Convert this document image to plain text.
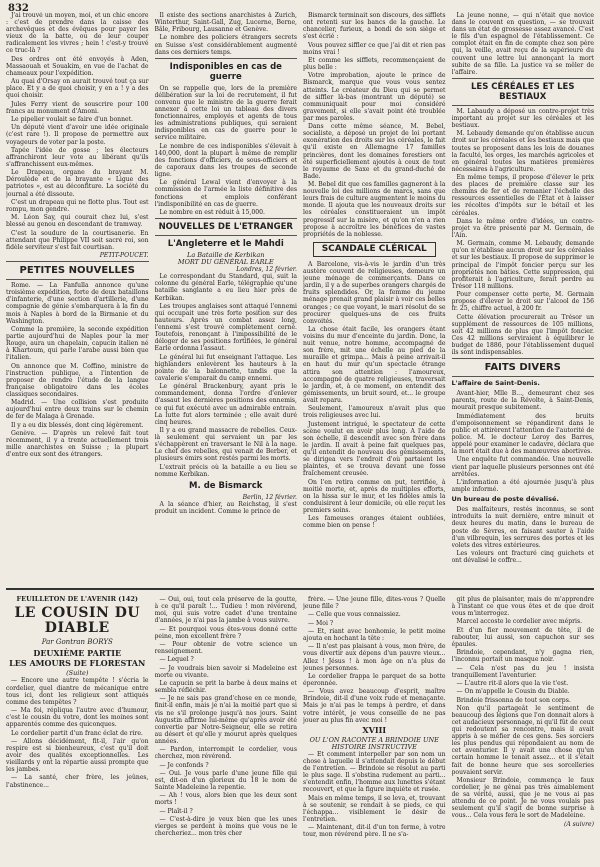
832

J'ai trouvé un moyen, moi, et un chic encore : c'est de prendre dans la caisse des archevêques et des évêques pour payer les vieux de la batte, ou de leur couper radicalement les vivres ; hein ! c'est-y trouvé ce truc-là ?

Des ordres ont été envoyés à Aden, Massaouah et Souakim, en vue de l'achat de chameaux pour l'expédition.

Au quai d'Orsay on aurait trouvé tout ça sur place. Et y a de quoi choisir, y en a ! y a des quoi choisir.

Jules Ferry vient de souscrire pour 100 francs au monument d'Amoni.

Le pipelier voulait se faire d'un bonnet.

Un député vient d'avoir une idée originale (c'est rare !). Il propose de permettre aux voyageurs de voter par la poste.

Tapée l'idée de gosse ; les électeurs affranchiront leur vote au libérant qu'ils s'affranchissent eux-mêmes.

Le Drapeau, organe du brayant M. Déroulède et de la brayante « Ligue des patriotes », est au déconfiture. La société du journal a été dissoute.

C'est un drapeau qui ne flotte plus. Tout est rompu, mon gendre.

M. Léon Say, qui courait chez lui, s'est blessé au genou en descendant de tramway.

C'est la soudure de la courtisanerie. En attendant que Philippe VII soit sacré roi, son fidèle serviteur s'est fait courtisan.

PETIT-POUCET.
PETITES NOUVELLES

Rome. — La Fanfulla annonce qu'une troisième expédition, forte de deux bataillons d'infanterie, d'une section d'artillerie, d'une compagnie de génie s'embarquera à la fin du mois à Naples à bord de la Birmanie et du Washington.

Comme la première, la seconde expédition partie aujourd'hui de Naples pour la mer Rouge, aura un chapelain, capucin italien né à Khartoum, qui parle l'arabe aussi bien que l'italien.

On annonce que M. Coffino, ministre de l'instruction publique, a l'intention de proposer de rendre l'étude de la langue française obligatoire dans les écoles classiques secondaires.

Madrid. — Une collision s'est produite aujourd'hui entre deux trains sur le chemin de fer de Malaga à Grenade.

Il y a eu dix blessés, dont cinq légèrement.

Genève. — D'après un relevé fait tout récemment, il y a trente actuellement trois mille anarchistes en Suisse ; la plupart d'entre eux sont des étrangers.

Il existe des sections anarchistes à Zurich, Winterthur, Saint-Gall, Zug, Lucerne, Berne, Bâle, Fribourg, Lausanne et Genève.

Le nombre des policiers étrangers secrets en Suisse s'est considérablement augmenté dans ces derniers temps.

Indisponibles en cas de guerre

On se rappelle que, lors de la première délibération sur la loi de recrutement, il fut convenu que le ministre de la guerre ferait annexer à cette loi un tableau des divers fonctionnaires, employés et agents de tous les administrations publiques, qui seraient indisponibles en cas de guerre pour le service militaire.

Le nombre de ces indisponibles s'élevait à 140,000, dont la plupart à même de remplir des fonctions d'officiers, de sous-officiers et de caporaux dans les troupes de seconde ligne.

Le général Lewal vient d'envoyer à la commission de l'armée la liste définitive des fonctions et emplois conférant l'indisponibilité en cas de guerre.

Le nombre en est réduit à 15,000.

NOUVELLES DE L'ETRANGER
L'Angleterre et le Mahdi
La Bataille de Kerbikan
MORT DU GÉNÉRAL EARLE
Londres, 12 février.

Le correspondant du Standard, qui, suit la colonne du général Earle, télégraphie qu'une bataille sanglante a eu lieu hier près de Kerbikan.

Les troupes anglaises sont attaqué l'ennemi qui occupait une très forte position sur des hauteurs. Après un combat assez long, l'ennemi s'est trouvé complètement cerné. Toutefois, renonçant à l'impossibilité de le déloger de ses positions fortifiées, le général Earle ordonna l'assaut.

Le général lui fut enseignant l'attaque. Les highlanders enlevèrent les hauteurs à la pointe de la baïonnette, tandis que la cavalerie s'emparait du camp ennemi.

Le général Brackenbury, ayant pris le commandement, donna l'ordre d'enlever d'assaut les dernières positions des ennemis, ce qui fut exécuté avec un admirable entrain. La lutte fut alors terminée ; elle avait duré cinq heures.

Il y a eu grand massacre de rebelles. Ceux-là seulement qui servaient un par les s'échappèrent en traversant le Nil à la nage. Le chef des rebelles, qui venait de Berber, et plusieurs émirs sont restés parmi les morts.

L'extrait précis où la bataille a eu lieu se nomme Kerbikan.

M. de Bismarck
Berlin, 12 février.

A la séance d'hier, au Reichstag, il s'est produit un incident. Comme le prince de

Bismarck terminait son discours, des sifflets ont retenti sur les bancs de la gauche. Le chancelier, furieux, a bondi de son siège et s'est écrié :

Vous pouvez siffler ce que j'ai dit et rien pas moins vrai !

Et comme les sifflets, recommençaient de plus belle :

Votre improbation, ajoute le prince de Bismarck, marque que vous vous sentez atteints. Le créateur du Dieu qui se permet de siffler là-bas (montrant un député) se communiquait pour moi considéré gravement, si elle s'avait point été troublée par mes paroles.

Dans cette même séance, M. Bebel, socialiste, a déposé un projet de loi portant exonération des droits sur les céréales, le fait qu'il existe en Allemagne 17 familles princières, dont les domaines forestiers ont été superficiellement ajoutés à ceux de tout le royaume de Saxe et du grand-duché de Bade.

M. Bebel dit que ces familles gagneront à la nouvelle loi des millions de marcs, sans que leurs frais de culture augmentent le moins du monde. Il ajouta que les nouveaux droits sur les céréales constitueraient un impôt progressif sur la misère, et qu'on n'en a rien propose à accroître les bénéfices de vastes propriétés de la noblesse.

SCANDALE CLÉRICAL

A Barcelone, vis-à-vis le jardin d'un très austère couvent de religieuses, demeure un jeune ménage de commerçants. Dans ce jardin, il y a de superbes orangers chargés de fruits splendides. Or, la femme du jeune ménage prenait grand plaisir à voir ces belles oranges ; ce que voyant, le mari résolut de se procurer quelques-uns de ces fruits convoités.

La chose était facile, les orangers étant voisins du mur d'enceinte du jardin. Donc, la nuit venue, notre homme, accompagné de son frère, mit une échelle au pied de la muraille et grimpa... Mais à peine arrivait-il en haut du mur qu'un spectacle étrange attira son attention : l'amoureux, accompagné de quatre religieuses, traversait le jardin, et, à ce moment, on entendit des gémissements, un bruit sourd, et... le groupe avait reparu.

Seulement, l'amoureux n'avait plus que trois religieuses avec lui.

Justement intrigué, le spectateur de cette scène voulut en avoir plus long. A l'aide de son échelle, il descendit avec son frère dans le jardin. Il avait à peine fait quelques pas, qu'il entendit de nouveau des gémissements, se dirigea vers l'endroit d'où partaient les plaintes, et se trouva devant une fosse fraîchement creusée.

On l'en retira comme on put, terrifiée, à moitié morte, et, après de multiples efforts, on la hissa sur le mur, et les fidèles amis la conduisirent à leur domicile, où elle reçut les premiers soins.

Les fameuses oranges étaient oubliées, comme bien on pense !

La jeune nonne, — qui n'était que novice dans le couvent en question, — se trouvait dans un état de grossesse assez avancé. C'est le fils d'un espagnol de l'établissement. Ce complot était en fin de compte chez son père qui, la veille, avait reçu de la supérieure du couvent une lettre lui annonçant la mort subite de sa fille. La justice va se mêler de l'affaire.

LES CÉRÉALES ET LES BESTIAUX

M. Labaudy a déposé un contre-projet très important au projet sur les céréales et les bestiaux.

M. Lebaudy demande qu'on établisse aucun droit sur les céréales et les bestiaux mais que toutes se proposent dans les lois de douanes la faculté, les orges, les marchés agricoles et en général toutes les matières premières nécessaires à l'agriculture.

En même temps, il propose d'élever le prix des places de première classe sur les chemins de fer et de remanier l'échelle des ressources essentielles de l'État et à laisser les récoltes d'impôts sur le bétail et les céréales.

Dans le même ordre d'idées, un contre-projet va être présenté par M. Germain, de l'Ain.

M. Germain, comme M. Lebaudy, demande qu'on n'établisse aucun droit sur les céréales et sur les bestiaux. Il propose de supprimer le principal de l'impôt foncier perçu sur les propriétés non bâties. Cette suppression, qui profiterait à l'agriculture, ferait perdre au Trésor 118 millions.

Pour compenser cette perte, M. Germain propose d'élever le droit sur l'alcool de 156 fr. 25, chiffre actuel, à 200 fr.

Cette élévation procurerait au Trésor un supplément de ressources de 105 millions, soit 42 millions de plus que l'impôt foncier. Ces 42 millions serviraient à équilibrer le budget de 1886, pour l'établissement duquel ils sont indispensables.

FAITS DIVERS
L'affaire de Saint-Denis.

Avant-hier, Mlle B..., demeurant chez ses parents, route de la Révolte, à Saint-Denis, mourait presque subitement.

Immédiatement des bruits d'empoisonnement se répandirent dans le public et attirèrent l'attention de l'autorité de police. M. le docteur Leroy des Barres, appelé pour examiner le cadavre, déclara que la mort était due à des manœuvres abortives.

Une enquête fut commandée. Une nouvelle vient par laquelle plusieurs personnes ont été arrêtées.

L'information a été ajournée jusqu'à plus ample informé.

Un bureau de poste dévalisé.

Des malfaiteurs, restés inconnus, se sont introduits la nuit dernière, entre minuit et deux heures du matin, dans le bureau de poste de Sèvres, en faisant sauter à l'aide d'un vilbrequin, les serrures des portes et les volets des vitres extérieures.

Les voleurs ont fracturé cinq guichets et ont dévalisé le coffre...

FEUILLETON DE L'AVENIR (142)
LE COUSIN DU DIABLE
Par Gontran BORYS
DEUXIÈME PARTIE
LES AMOURS DE FLORESTAN
(Suite)

— Encore une autre tempête ! s'écria le cordelier, quel diantre de mécanique entre tous ici, dont les religieux sont attiqués comme des tempêtes ?

— Ma foi, répliqua l'autre avec d'humour, c'est le cousin du votre, dont les moines sont apparentés comme des quiconques.

Le cordelier partit d'un franc éclat de rire.

— Allons décidément, fit-il, l'air qu'on respire est si bienheureux, c'est qu'il doit avoir des qualités exceptionnelles. Les vieillards y ont la répartie aussi prompte que les jambes.

— La santé, cher frère, les jeûnes, l'abstinence...

— Oui, oui, tout cela préserve de la goutte, à ce qu'il paraît !... Tudieu ! mon révérend, moi, qui suis votre cadet d'une trentaine d'années, je n'ai pas la jambe à vous suivre.

— Et pourquoi vous êtes-vous donné cette peine, mon excellent frère ?

— Pour obtenir de votre science un renseignement.

— Lequel ?

— Je voudrais bien savoir si Madeleine est morte ou vivante.

Le capucin se prit la barbe à deux mains et sembla réfléchir.

— Je ne sais pas grand'chose en ce monde, finit-il enfin, mais je n'ai la moitié part que si vis ne s'il prolonge jusqu'à nos jours. Saint Augustin affirme lui-même qu'après avoir été convertie par Notre-Seigneur, elle se retira au désert et qu'elle y mourut après quelques années.

— Pardon, interrompit le cordelier, vous cherchez, mon révérend.

— Je confonds ?

— Oui. Je vous parle d'une jeune fille qui est, dit-on d'un glorieux du 18 le nom de Sainte Madeleine la repentie.

— Ah ! vous, alors bien que les deux sont morts !

— Plaît-il ?

— C'est-à-dire je veux bien que les unes vierges se perdent à moins que vous ne le chercheriez... mon très cher

frère. — Une jeune fille, dites-vous ? Quelle jeune fille ?

— Celle que vous connaissiez.

— Moi ?

— Et, riant avec bonhomie, le petit moine ajouta en hochant la tête :

— Il n'est pas plaisant à vous, mon frère, de vous divertir aux dépens d'un pauvre vieux... Allez ! Jésus ! à mon âge on n'a plus de jeunes personnes.

Le cordelier frappa le parquet de sa botte éperonnée.

— Vous avez beaucoup d'esprit, maître Brindoie, dit-il d'une voix rude et menaçante. Mais je n'ai pas le temps à perdre, et dans votre intérêt, je vous conseille de ne pas jouer au plus fin avec moi !

XVIII
OU L'ON RACONTE A BRINDOIE UNE HISTOIRE INSTRUCTIVE

— Et comment interpeller par son nom un chose à laquelle il s'attendait depuis le début de l'entretien. — Brindoie se résolut au parti le plus sage. Il s'obstina rudement au parti... s'entendit enfin, l'homme aux lunettes s'étant recouvert, et que la figure inquiète et rusée.

Mais en même temps, il se leva, et, trouvant à se soutenir, se rendait à se pieds, ce qui l'échappa... visiblement le désir de l'entretien.

— Maintenant, dit-il d'un ton ferme, à votre tour, mon révérend père. Il ne s'a-

git plus de plaisanter, mais de m'apprendre à l'instant ce que vous êtes et de que droit vous m'interrogez.

Marcel accoste le cordelier avec mépris.

Et d'un fier mouvement de tête, il de rabouter, lui aussi, son capuchon sur ses épaules.

Brindoie, cependant, n'y gagna rien, l'inconnu portait un masque noir.

— Cela n'est pas du jeu ! insista tranquillement l'aventurier.

— L'autre rit-il alors que la vie t'est.

— On m'appelle le Cousin du Diable.

Brindoie frissonna de tout son corps.

Non qu'il partageât le sentiment de beaucoup des légions que l'on donnait alors à cet audacieux personnage, ni qu'il fût de ceux qui redoutent sa rencontre, mais il avait appris à se méfier de ces gens. Ses sorciers les plus pendus qui répondaient au nom de cet aventurier. Il y avait une chose qu'un certain homme le tenait assez... et il s'était fait de bonne heure que ses sorcelleries pouvaient servir.

Monsieur Brindoie, commença le faux cordelier, je ne gênai pas très aimablement de sa vérité, aussi, que je ne vous ai pas attendu de ce point. Je ne vous voulais pas seulement qu'il s'agit de bonne surprise à vous... Cela vous fera le sort de Madeleine.

(A suivre)
